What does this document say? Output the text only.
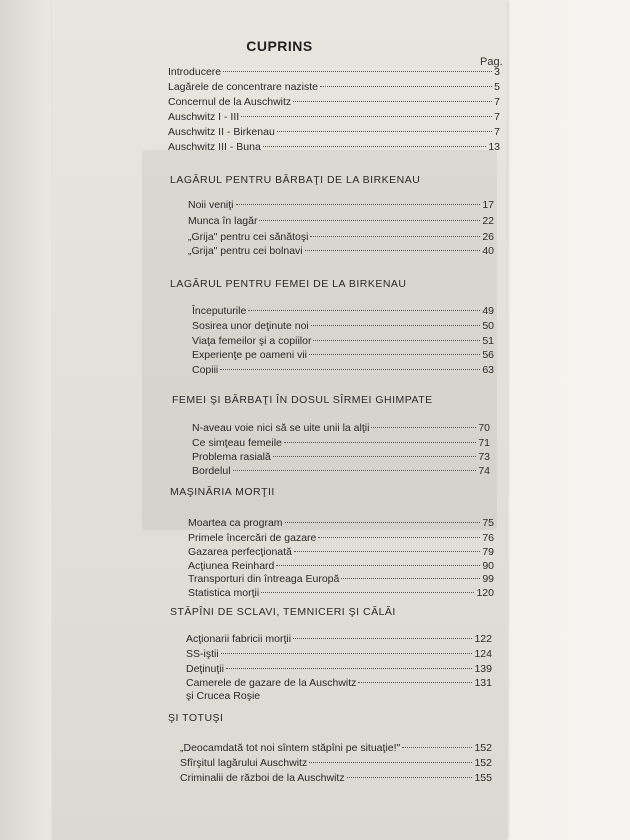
CUPRINS
Pag.
Introducere	3
Lagărele de concentrare naziste	5
Concernul de la Auschwitz	7
Auschwitz I - III	7
Auschwitz II - Birkenau	7
Auschwitz III - Buna	13
LAGĂRUL PENTRU BĂRBAŢI DE LA BIRKENAU
Noii veniţi	17
Munca în lagăr	22
„Grija" pentru cei sănătoşi	26
„Grija" pentru cei bolnavi	40
LAGĂRUL PENTRU FEMEI DE LA BIRKENAU
Începuturile	49
Sosirea unor deţinute noi	50
Viaţa femeilor şi a copiilor	51
Experienţe pe oameni vii	56
Copiii	63
FEMEI ŞI BĂRBAŢI ÎN DOSUL SÎRMEI GHIMPATE
N-aveau voie nici să se uite unii la alţii	70
Ce simţeau femeile	71
Problema rasială	73
Bordelul	74
MAŞINĂRIA MORŢII
Moartea ca program	75
Primele încercări de gazare	76
Gazarea perfecţionată	79
Acţiunea Reinhard	90
Transporturi din întreaga Europă	99
Statistica morţii	120
STĂPÎNI DE SCLAVI, TEMNICERI ŞI CĂLĂI
Acţionarii fabricii morţii	122
SS-iştii	124
Deţinuţii	139
Camerele de gazare de la Auschwitz	131
şi Crucea Roşie
ŞI TOTUŞI
„Deocamdată tot noi sîntem stăpîni pe situaţie!"	152
Sfîrşitul lagărului Auschwitz	152
Criminalii de război de la Auschwitz	155
